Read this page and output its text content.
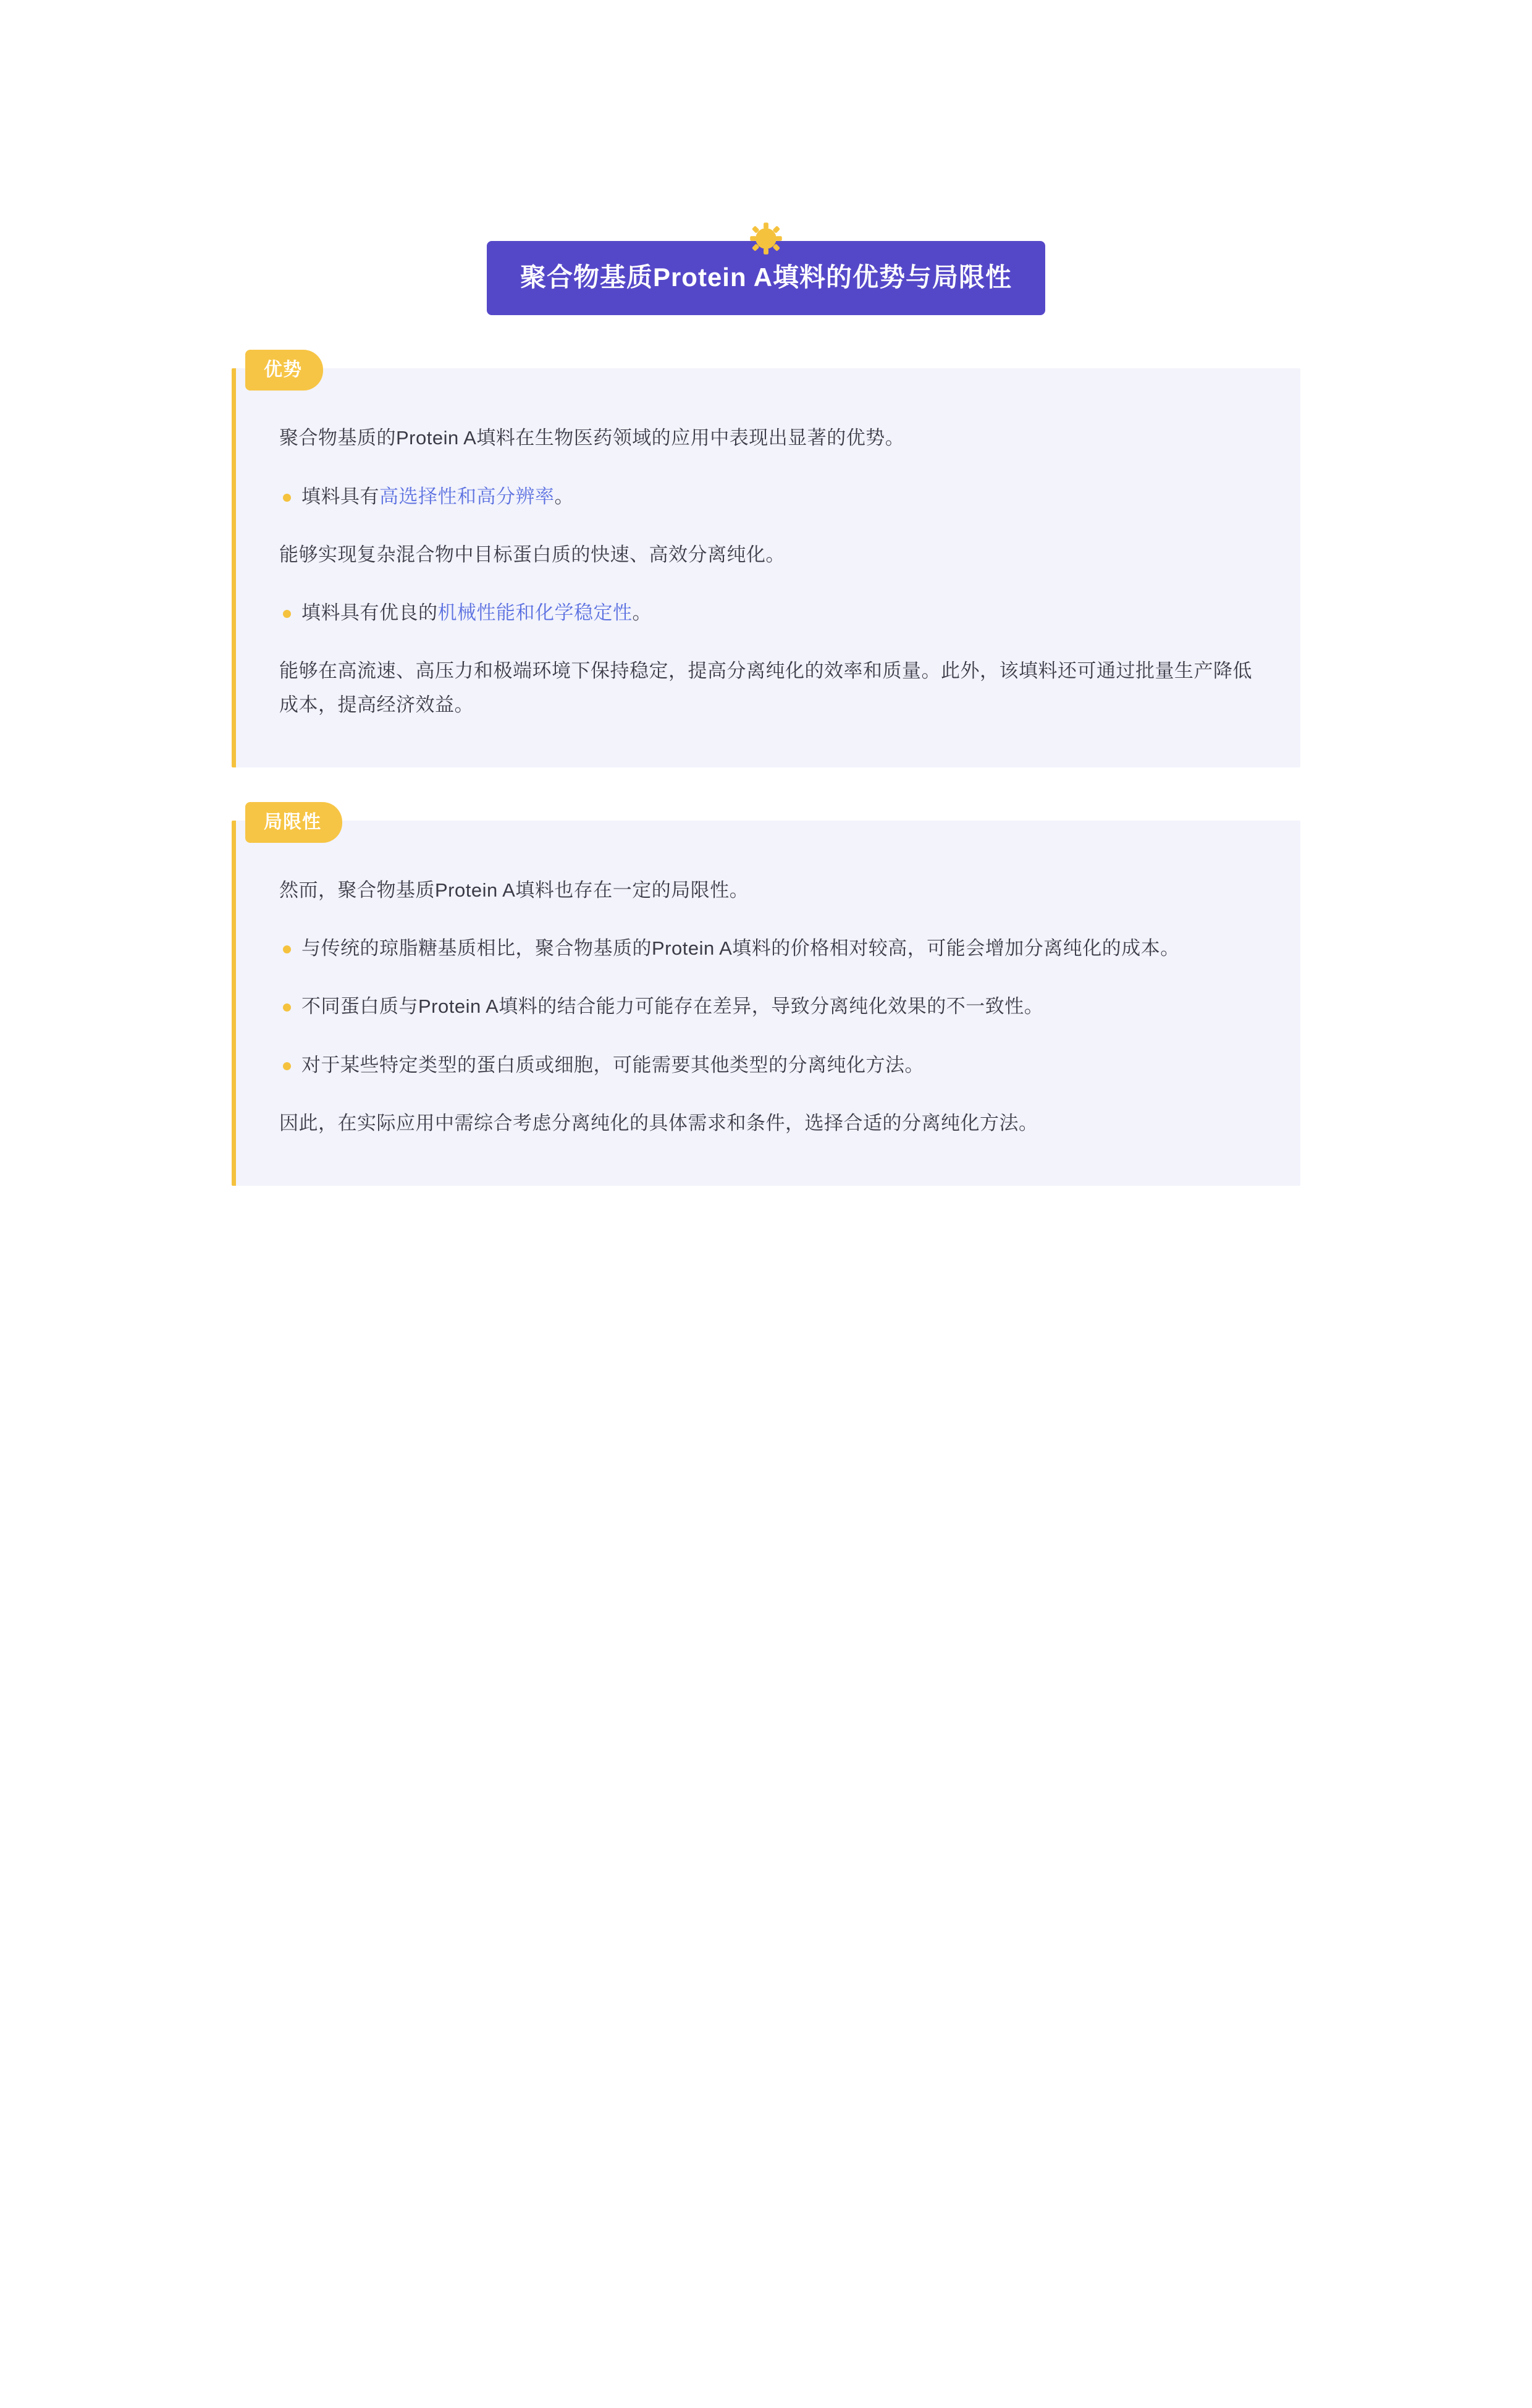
聚合物基质Protein A填料的优势与局限性
优势

聚合物基质的Protein A填料在生物医药领域的应用中表现出显著的优势。

填料具有高选择性和高分辨率。

能够实现复杂混合物中目标蛋白质的快速、高效分离纯化。

填料具有优良的机械性能和化学稳定性。

能够在高流速、高压力和极端环境下保持稳定，提高分离纯化的效率和质量。此外，该填料还可通过批量生产降低成本，提高经济效益。

局限性

然而，聚合物基质Protein A填料也存在一定的局限性。

与传统的琼脂糖基质相比，聚合物基质的Protein A填料的价格相对较高，可能会增加分离纯化的成本。

不同蛋白质与Protein A填料的结合能力可能存在差异，导致分离纯化效果的不一致性。

对于某些特定类型的蛋白质或细胞，可能需要其他类型的分离纯化方法。

因此，在实际应用中需综合考虑分离纯化的具体需求和条件，选择合适的分离纯化方法。
